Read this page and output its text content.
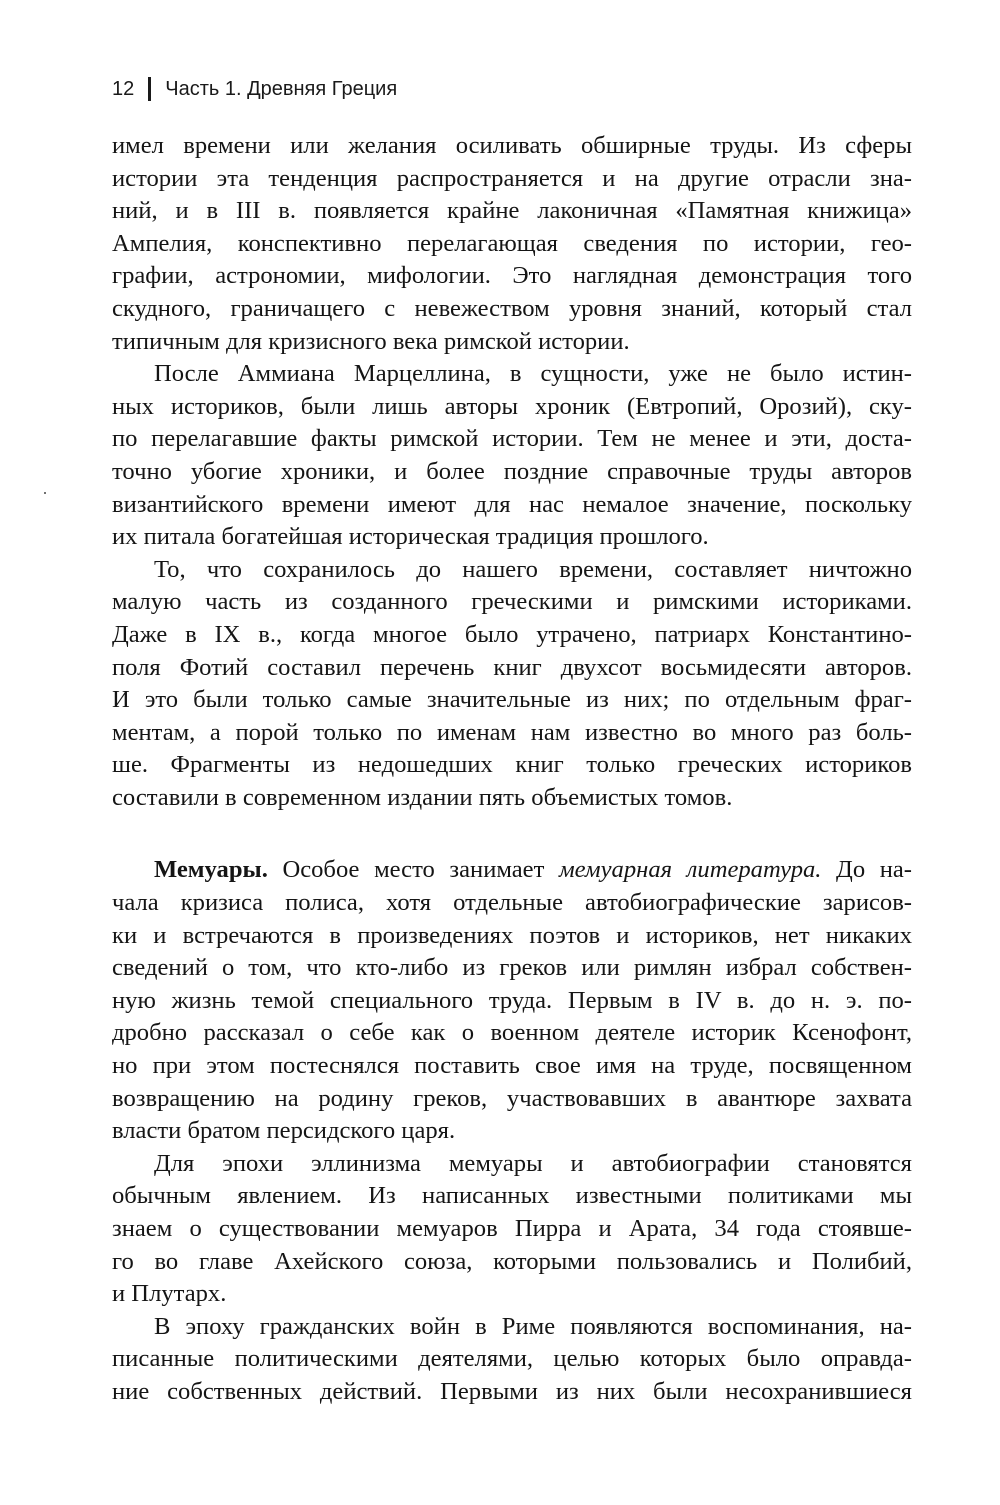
12 Часть 1. Древняя Греция

имел времени или желания осиливать обширные труды. Из сферы
истории эта тенденция распространяется и на другие отрасли зна-
ний, и в III в. появляется крайне лаконичная «Памятная книжица»
Ампелия, конспективно перелагающая сведения по истории, гео-
графии, астрономии, мифологии. Это наглядная демонстрация того
скудного, граничащего с невежеством уровня знаний, который стал
типичным для кризисного века римской истории.

После Аммиана Марцеллина, в сущности, уже не было истин-
ных историков, были лишь авторы хроник (Евтропий, Орозий), ску-
по перелагавшие факты римской истории. Тем не менее и эти, доста-
точно убогие хроники, и более поздние справочные труды авторов
византийского времени имеют для нас немалое значение, поскольку
их питала богатейшая историческая традиция прошлого.

То, что сохранилось до нашего времени, составляет ничтожно
малую часть из созданного греческими и римскими историками.
Даже в IX в., когда многое было утрачено, патриарх Константино-
поля Фотий составил перечень книг двухсот восьмидесяти авторов.
И это были только самые значительные из них; по отдельным фраг-
ментам, а порой только по именам нам известно во много раз боль-
ше. Фрагменты из недошедших книг только греческих историков
составили в современном издании пять объемистых томов.

Мемуары. Особое место занимает мемуарная литература. До на-
чала кризиса полиса, хотя отдельные автобиографические зарисов-
ки и встречаются в произведениях поэтов и историков, нет никаких
сведений о том, что кто-либо из греков или римлян избрал собствен-
ную жизнь темой специального труда. Первым в IV в. до н. э. по-
дробно рассказал о себе как о военном деятеле историк Ксенофонт,
но при этом постеснялся поставить свое имя на труде, посвященном
возвращению на родину греков, участвовавших в авантюре захвата
власти братом персидского царя.

Для эпохи эллинизма мемуары и автобиографии становятся
обычным явлением. Из написанных известными политиками мы
знаем о существовании мемуаров Пирра и Арата, 34 года стоявше-
го во главе Ахейского союза, которыми пользовались и Полибий,
и Плутарх.

В эпоху гражданских войн в Риме появляются воспоминания, на-
писанные политическими деятелями, целью которых было оправда-
ние собственных действий. Первыми из них были несохранившиеся
